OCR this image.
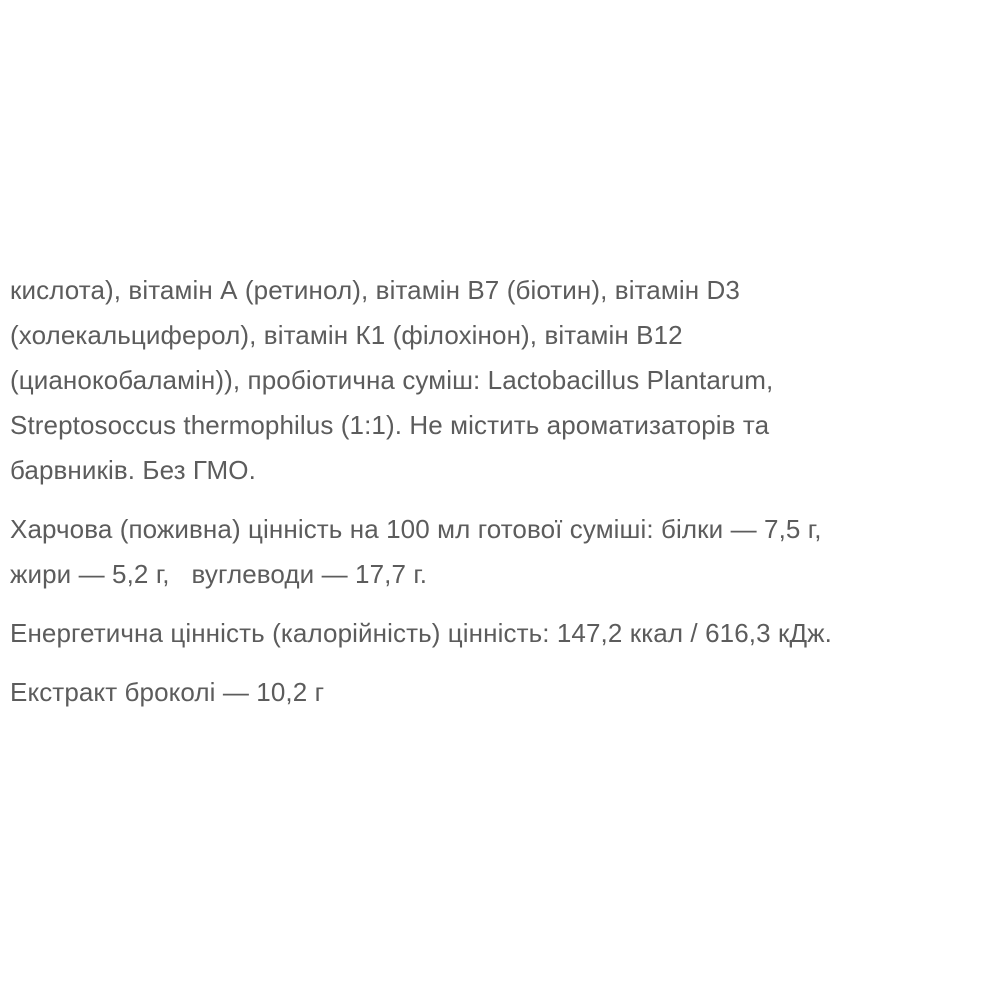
кислота), вітамін А (ретинол), вітамін В7 (біотин), вітамін D3
(холекальциферол), вітамін К1 (філохінон), вітамін В12
(цианокобаламін)), пробіотична суміш: Lactobacillus Plantarum,
Streptosoccus thermophilus (1:1). Не містить ароматизаторів та
барвників. Без ГМО.

Харчова (поживна) цінність на 100 мл готової суміші: білки — 7,5 г,
жири — 5,2 г,   вуглеводи — 17,7 г.

Енергетична цінність (калорійність) цінність: 147,2 ккал / 616,3 кДж.

Екстракт броколі — 10,2 г
